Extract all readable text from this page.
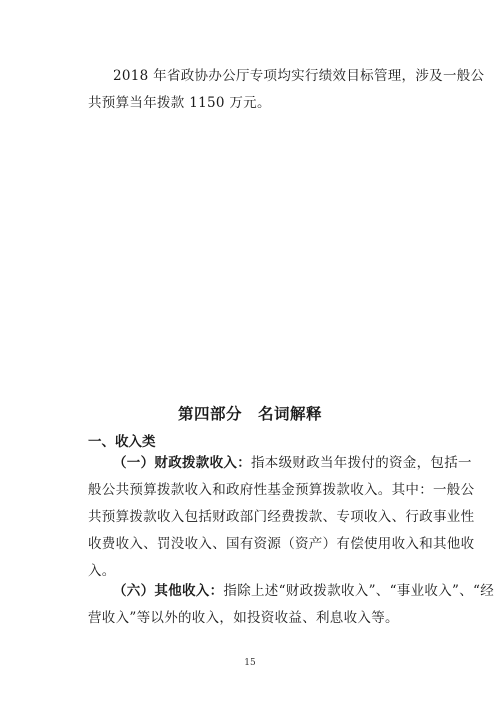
2018 年省政协办公厅专项均实行绩效目标管理，涉及一般公
共预算当年拨款 1150 万元。
第四部分　名词解释
一、收入类
（一）财政拨款收入：指本级财政当年拨付的资金，包括一
般公共预算拨款收入和政府性基金预算拨款收入。其中：一般公
共预算拨款收入包括财政部门经费拨款、专项收入、行政事业性
收费收入、罚没收入、国有资源（资产）有偿使用收入和其他收
入。
（六）其他收入：指除上述“财政拨款收入”、“事业收入”、“经
营收入”等以外的收入，如投资收益、利息收入等。
15
